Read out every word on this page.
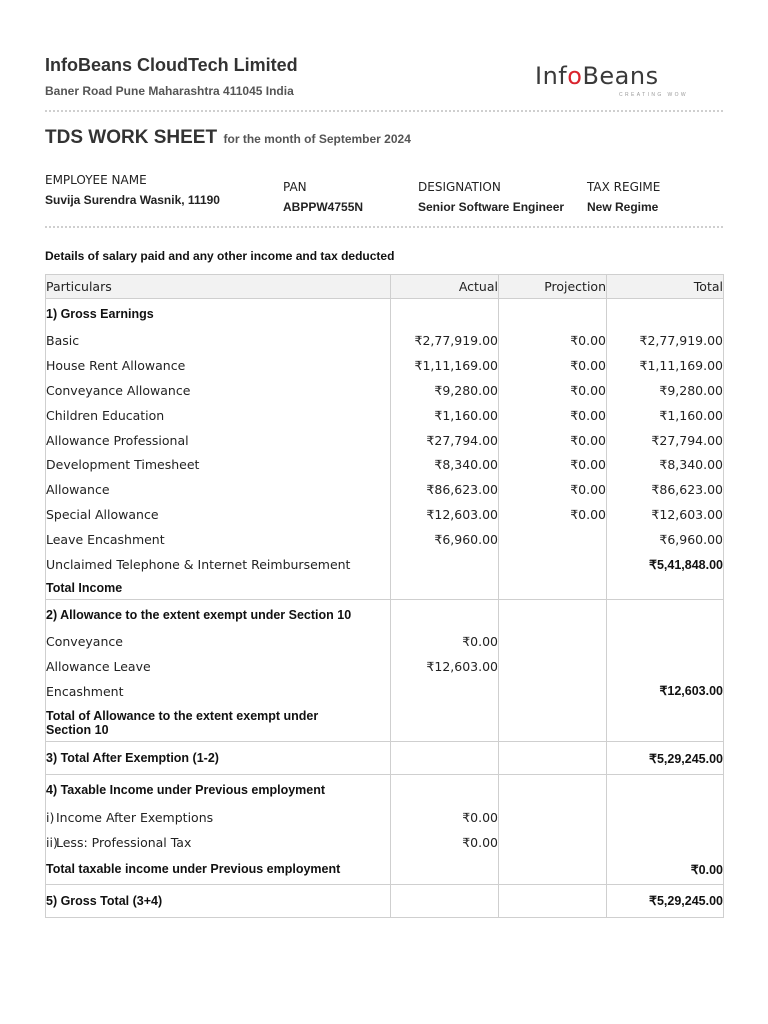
InfoBeans CloudTech Limited
Baner Road Pune Maharashtra 411045 India
InfoBeans
CREATING WOW
TDS WORK SHEET for the month of September 2024
EMPLOYEE NAME
Suvija Surendra Wasnik, 11190
PAN
ABPPW4755N
DESIGNATION
Senior Software Engineer
TAX REGIME
New Regime
Details of salary paid and any other income and tax deducted
Particulars	Actual	Projection	Total
1) Gross Earnings			
Basic	₹2,77,919.00	₹0.00	₹2,77,919.00
House Rent Allowance	₹1,11,169.00	₹0.00	₹1,11,169.00
Conveyance Allowance	₹9,280.00	₹0.00	₹9,280.00
Children Education	₹1,160.00	₹0.00	₹1,160.00
Allowance Professional	₹27,794.00	₹0.00	₹27,794.00
Development Timesheet	₹8,340.00	₹0.00	₹8,340.00
Allowance	₹86,623.00	₹0.00	₹86,623.00
Special Allowance	₹12,603.00	₹0.00	₹12,603.00
Leave Encashment	₹6,960.00		₹6,960.00
Unclaimed Telephone & Internet Reimbursement			₹5,41,848.00
Total Income			
2) Allowance to the extent exempt under Section 10			
Conveyance	₹0.00		
Allowance Leave	₹12,603.00		
Encashment			₹12,603.00
Total of Allowance to the extent exempt under Section 10			
3) Total After Exemption (1-2)			₹5,29,245.00
4) Taxable Income under Previous employment			
i) Income After Exemptions	₹0.00		
ii)Less: Professional Tax	₹0.00		
Total taxable income under Previous employment			₹0.00
5) Gross Total (3+4)			₹5,29,245.00
